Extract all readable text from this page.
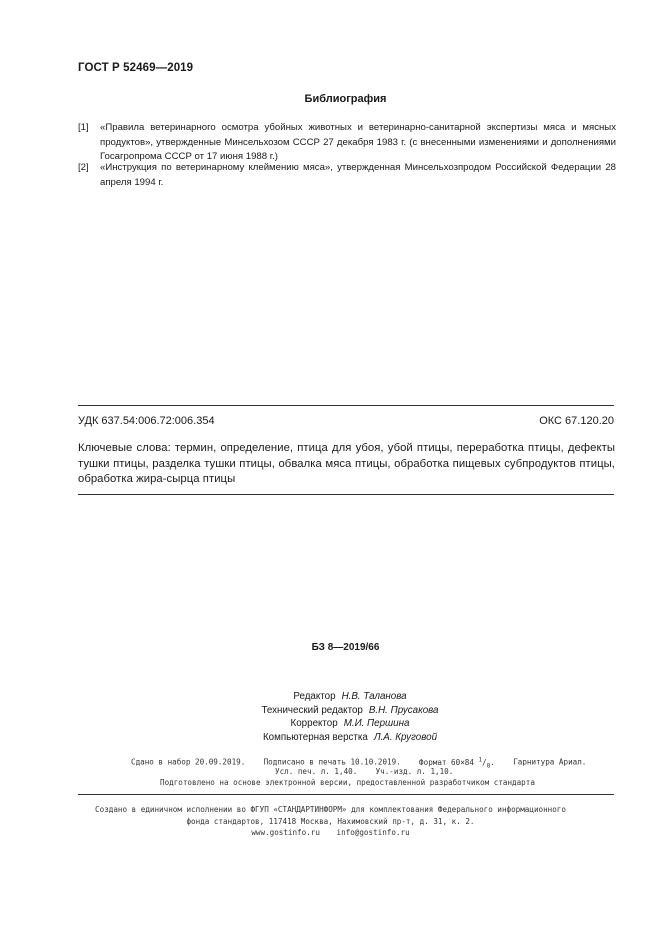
ГОСТ Р 52469—2019
Библиография
[1] «Правила ветеринарного осмотра убойных животных и ветеринарно-санитарной экспертизы мяса и мясных продуктов», утвержденные Минсельхозом СССР 27 декабря 1983 г. (с внесенными изменениями и дополнениями Госагропрома СССР от 17 июня 1988 г.)
[2] «Инструкция по ветеринарному клеймению мяса», утвержденная Минсельхозпродом Российской Федерации 28 апреля 1994 г.
УДК 637.54:006.72:006.354	ОКС 67.120.20
Ключевые слова: термин, определение, птица для убоя, убой птицы, переработка птицы, дефекты тушки птицы, разделка тушки птицы, обвалка мяса птицы, обработка пищевых субпродуктов птицы, обработка жира-сырца птицы
БЗ 8—2019/66
Редактор Н.В. Таланова
Технический редактор В.Н. Прусакова
Корректор М.И. Першина
Компьютерная верстка Л.А. Круговой
Сдано в набор 20.09.2019. Подписано в печать 10.10.2019. Формат 60×84 $^1/_8$. Гарнитура Ариал.
Усл. печ. л. 1,40. Уч.-изд. л. 1,10.
Подготовлено на основе электронной версии, предоставленной разработчиком стандарта
Создано в единичном исполнении во ФГУП «СТАНДАРТИНФОРМ» для комплектования Федерального информационного
фонда стандартов, 117418 Москва, Нахимовский пр-т, д. 31, к. 2.
www.gostinfo.ru info@gostinfo.ru
